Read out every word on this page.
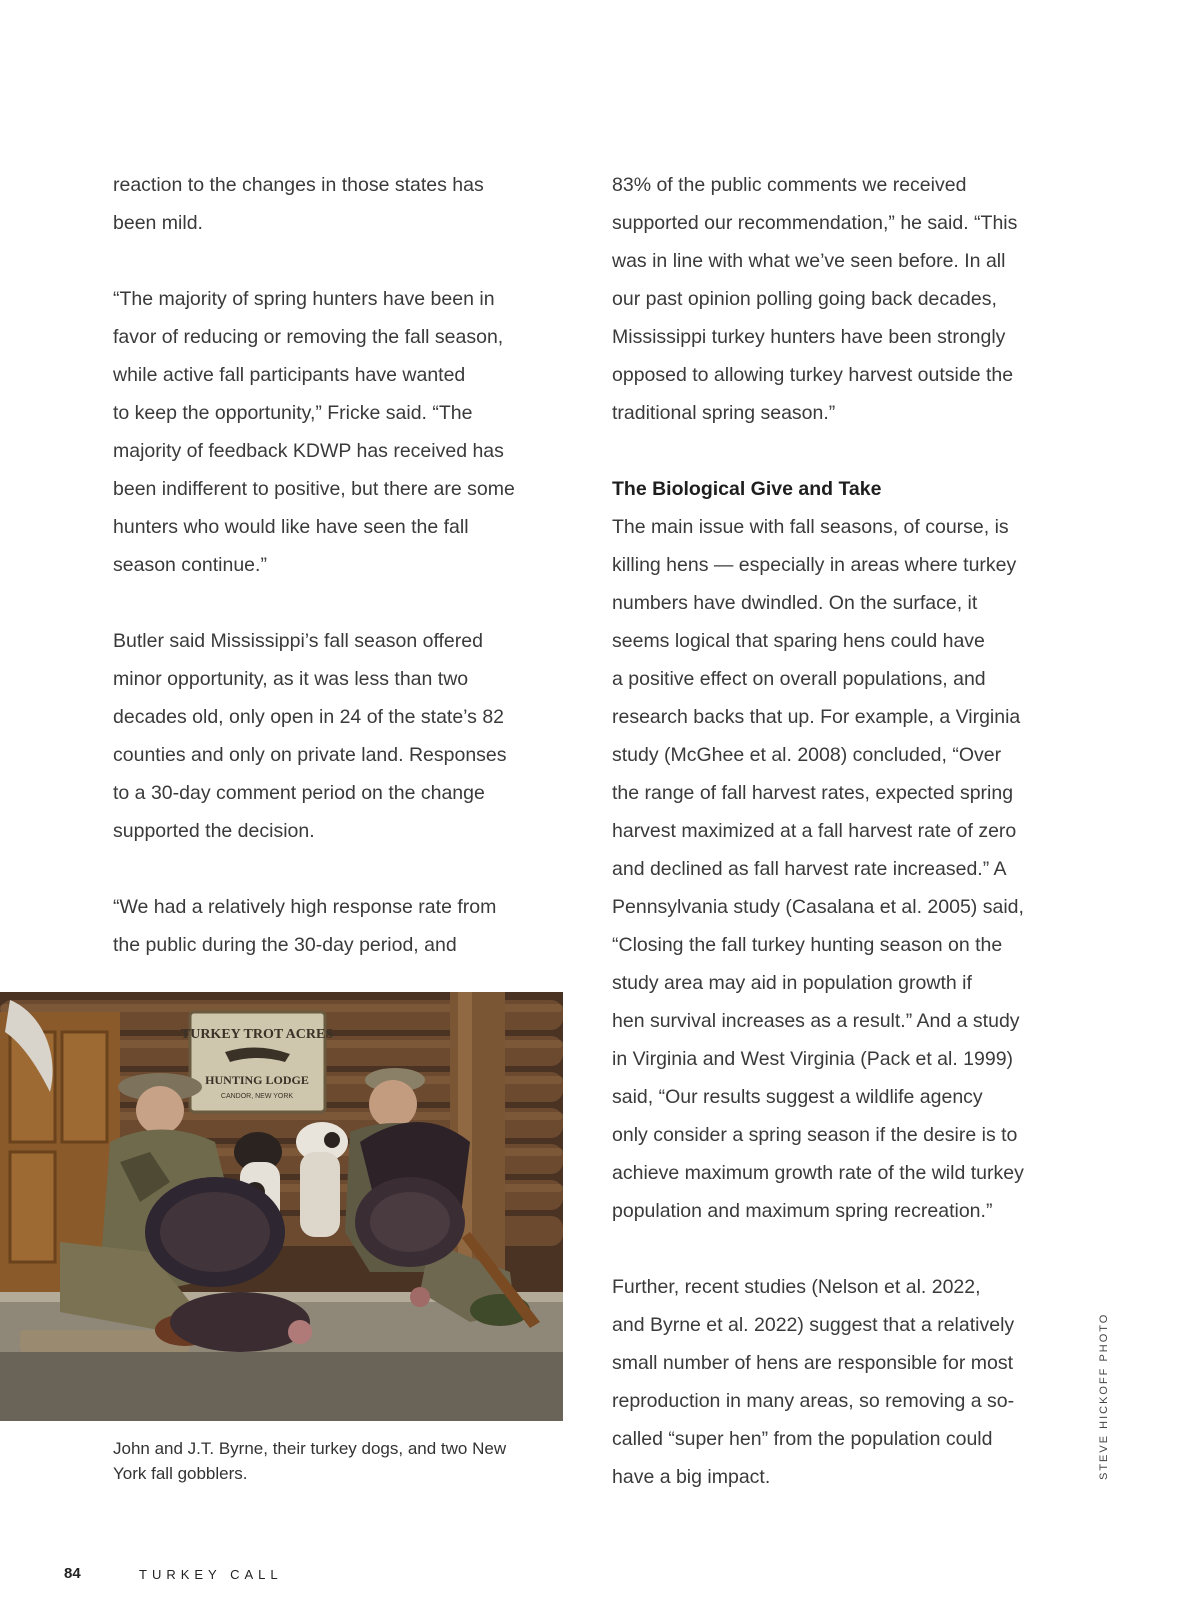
reaction to the changes in those states has
been mild.

“The majority of spring hunters have been in
favor of reducing or removing the fall season,
while active fall participants have wanted
to keep the opportunity,” Fricke said. “The
majority of feedback KDWP has received has
been indifferent to positive, but there are some
hunters who would like have seen the fall
season continue.”

Butler said Mississippi’s fall season offered
minor opportunity, as it was less than two
decades old, only open in 24 of the state’s 82
counties and only on private land. Responses
to a 30-day comment period on the change
supported the decision.

“We had a relatively high response rate from
the public during the 30-day period, and

83% of the public comments we received
supported our recommendation,” he said. “This
was in line with what we’ve seen before. In all
our past opinion polling going back decades,
Mississippi turkey hunters have been strongly
opposed to allowing turkey harvest outside the
traditional spring season.”

The Biological Give and Take

The main issue with fall seasons, of course, is
killing hens — especially in areas where turkey
numbers have dwindled. On the surface, it
seems logical that sparing hens could have
a positive effect on overall populations, and
research backs that up. For example, a Virginia
study (McGhee et al. 2008) concluded, “Over
the range of fall harvest rates, expected spring
harvest maximized at a fall harvest rate of zero
and declined as fall harvest rate increased.” A
Pennsylvania study (Casalana et al. 2005) said,
“Closing the fall turkey hunting season on the
study area may aid in population growth if
hen survival increases as a result.” And a study
in Virginia and West Virginia (Pack et al. 1999)
said, “Our results suggest a wildlife agency
only consider a spring season if the desire is to
achieve maximum growth rate of the wild turkey
population and maximum spring recreation.”

Further, recent studies (Nelson et al. 2022,
and Byrne et al. 2022) suggest that a relatively
small number of hens are responsible for most
reproduction in many areas, so removing a so-
called “super hen” from the population could
have a big impact.

TURKEY TROT ACRES
HUNTING LODGE
CANDOR, NEW YORK
John and J.T. Byrne, their turkey dogs, and two New
York fall gobblers.	STEVE HICKOFF PHOTO
84	TURKEY CALL
